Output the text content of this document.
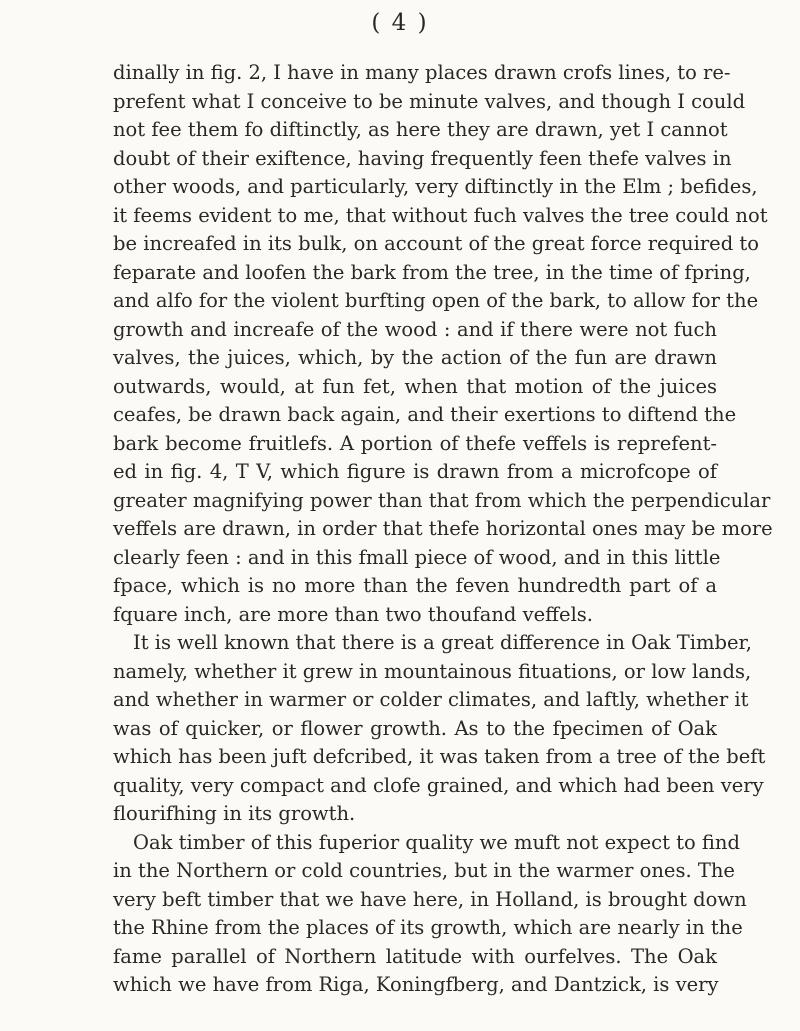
( 4 )
dinally in fig. 2, I have in many places drawn crofs lines, to re-
prefent what I conceive to be minute valves, and though I could
not fee them fo diftinctly, as here they are drawn, yet I cannot
doubt of their exiftence, having frequently feen thefe valves in
other woods, and particularly, very diftinctly in the Elm ; befides,
it feems evident to me, that without fuch valves the tree could not
be increafed in its bulk, on account of the great force required to
feparate and loofen the bark from the tree, in the time of fpring,
and alfo for the violent burfting open of the bark, to allow for the
growth and increafe of the wood : and if there were not fuch
valves, the juices, which, by the action of the fun are drawn
outwards, would, at fun fet, when that motion of the juices
ceafes, be drawn back again, and their exertions to diftend the
bark become fruitlefs. A portion of thefe veffels is reprefent-
ed in fig. 4, T V, which figure is drawn from a microfcope of
greater magnifying power than that from which the perpendicular
veffels are drawn, in order that thefe horizontal ones may be more
clearly feen : and in this fmall piece of wood, and in this little
fpace, which is no more than the feven hundredth part of a
fquare inch, are more than two thoufand veffels.
It is well known that there is a great difference in Oak Timber,
namely, whether it grew in mountainous fituations, or low lands,
and whether in warmer or colder climates, and laftly, whether it
was of quicker, or flower growth. As to the fpecimen of Oak
which has been juft defcribed, it was taken from a tree of the beft
quality, very compact and clofe grained, and which had been very
flourifhing in its growth.
Oak timber of this fuperior quality we muft not expect to find
in the Northern or cold countries, but in the warmer ones. The
very beft timber that we have here, in Holland, is brought down
the Rhine from the places of its growth, which are nearly in the
fame parallel of Northern latitude with ourfelves. The Oak
which we have from Riga, Koningfberg, and Dantzick, is very
